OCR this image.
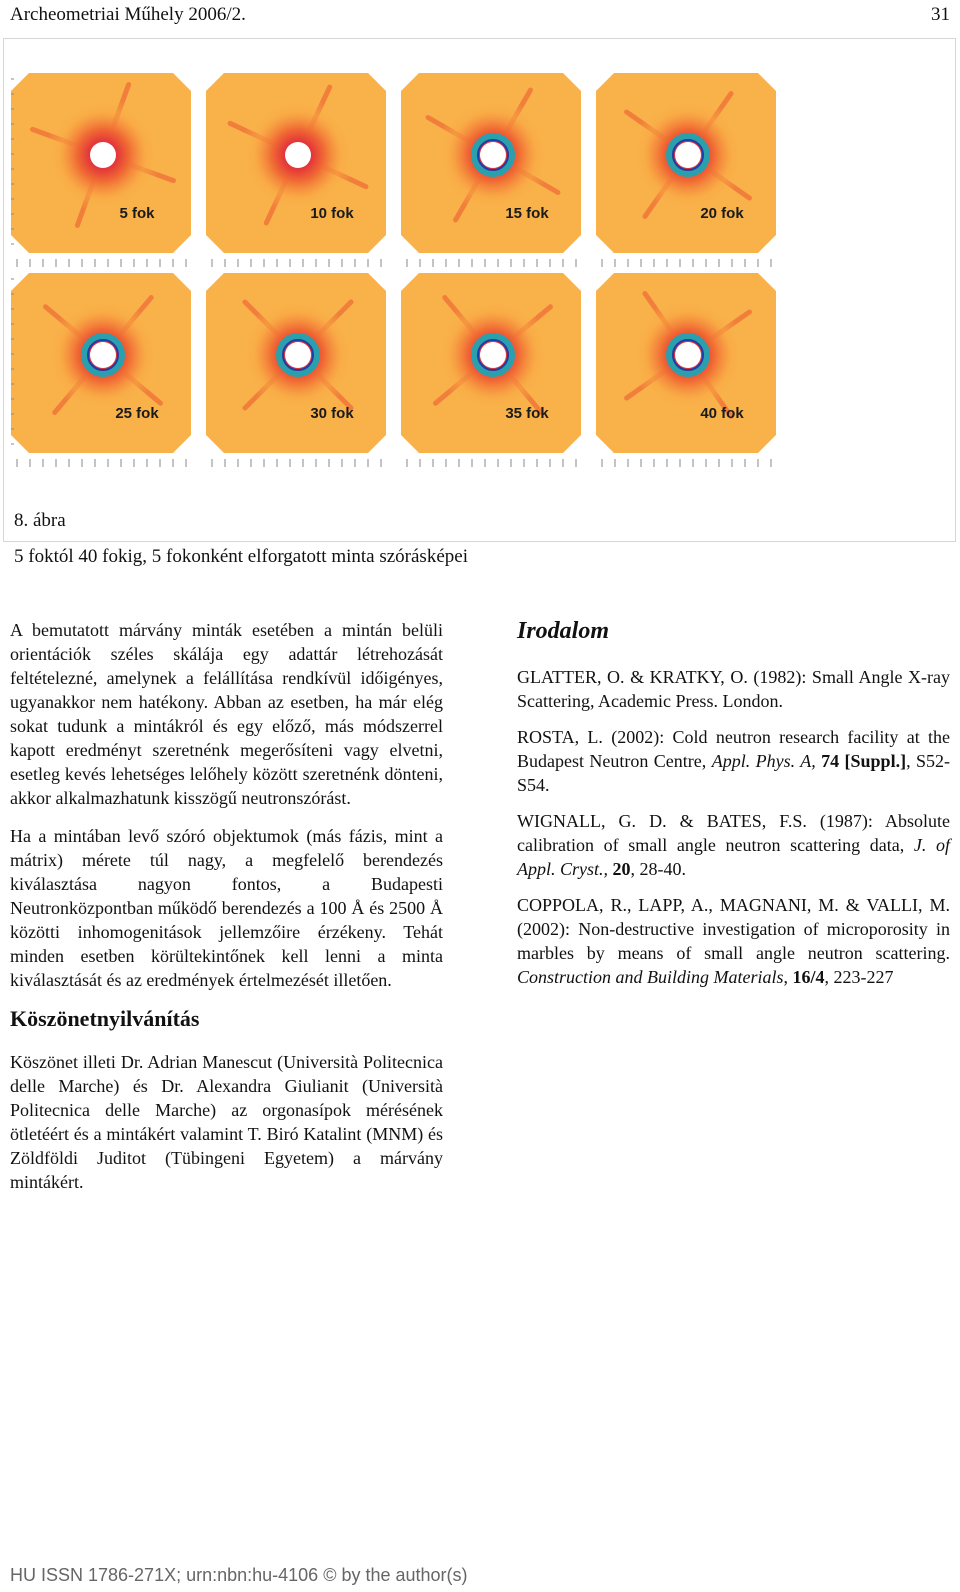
Archeometriai Műhely 2006/2.	31
5 fok	10 fok	15 fok	20 fok
25 fok	30 fok	35 fok	40 fok
8. ábra
5 foktól 40 fokig, 5 fokonként elforgatott minta szórásképei

A bemutatott márvány minták esetében a mintán belüli orientációk széles skálája egy adattár létrehozását feltételezné, amelynek a felállítása rendkívül időigényes, ugyanakkor nem hatékony. Abban az esetben, ha már elég sokat tudunk a mintákról és egy előző, más módszerrel kapott eredményt szeretnénk megerősíteni vagy elvetni, esetleg kevés lehetséges lelőhely között szeretnénk dönteni, akkor alkalmazhatunk kisszögű neutronszórást.

Ha a mintában levő szóró objektumok (más fázis, mint a mátrix) mérete túl nagy, a megfelelő berendezés kiválasztása nagyon fontos, a Budapesti Neutronközpontban működő berendezés a 100 Å és 2500 Å közötti inhomogenitások jellemzőire érzékeny. Tehát minden esetben körültekintőnek kell lenni a minta kiválasztását és az eredmények értelmezését illetően.

Köszönetnyilvánítás

Köszönet illeti Dr. Adrian Manescut (Università Politecnica delle Marche) és Dr. Alexandra Giulianit (Università Politecnica delle Marche) az orgonasípok mérésének ötletéért és a mintákért valamint T. Biró Katalint (MNM) és Zöldföldi Juditot (Tübingeni Egyetem) a márvány mintákért.

Irodalom

GLATTER, O. & KRATKY, O. (1982): Small Angle X-ray Scattering, Academic Press. London.

ROSTA, L. (2002): Cold neutron research facility at the Budapest Neutron Centre, Appl. Phys. A, 74 [Suppl.], S52-S54.

WIGNALL, G. D. & BATES, F.S. (1987): Absolute calibration of small angle neutron scattering data, J. of Appl. Cryst., 20, 28-40.

COPPOLA, R., LAPP, A., MAGNANI, M. & VALLI, M. (2002): Non-destructive investigation of microporosity in marbles by means of small angle neutron scattering. Construction and Building Materials, 16/4, 223-227

HU ISSN 1786-271X; urn:nbn:hu-4106 © by the author(s)
